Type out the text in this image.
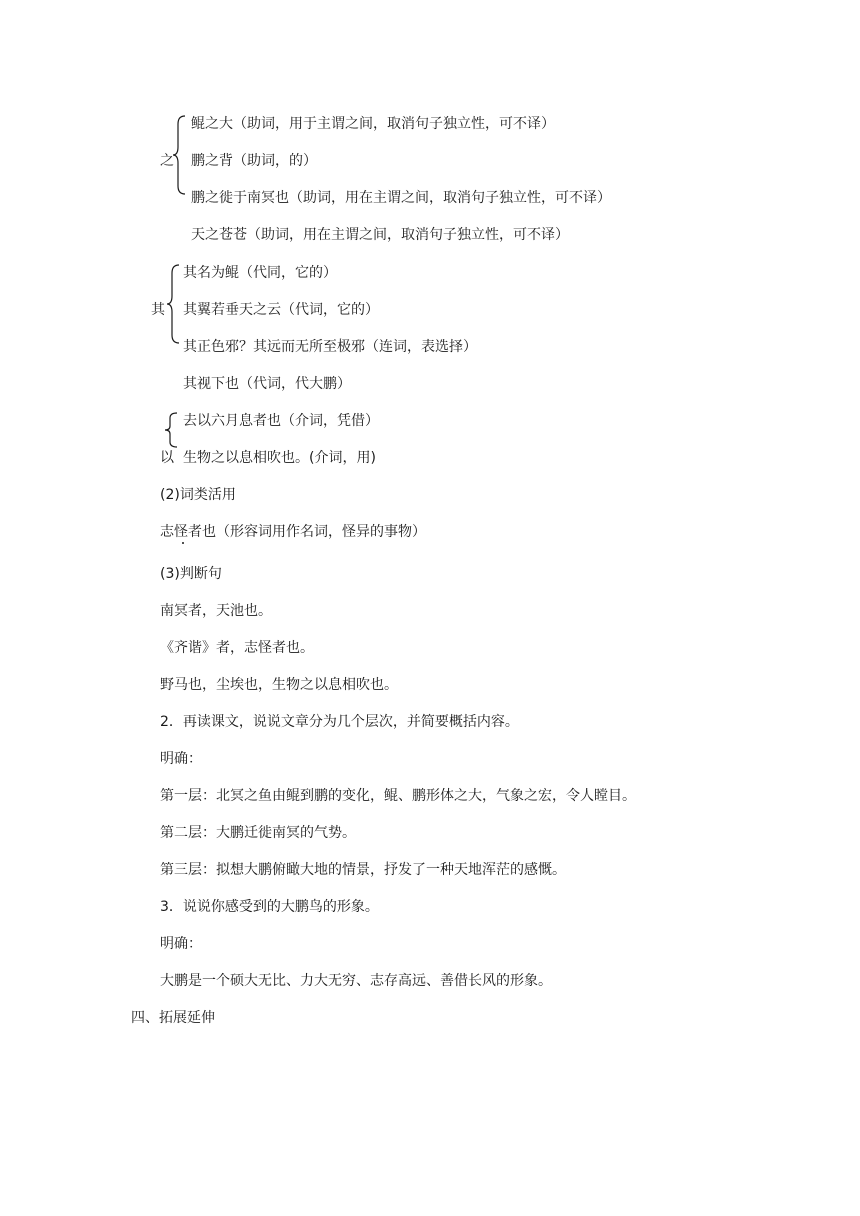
之
鲲之大（助词，用于主谓之间，取消句子独立性，可不译）
鹏之背（助词，的）
鹏之徙于南冥也（助词，用在主谓之间，取消句子独立性，可不译）
天之苍苍（助词，用在主谓之间，取消句子独立性，可不译）
其
其名为鲲（代同，它的）
其翼若垂天之云（代词，它的）
其正色邪？其远而无所至极邪（连词，表选择）
其视下也（代词，代大鹏）
去以六月息者也（介词，凭借）
以 生物之以息相吹也。(介词，用)
(2)词类活用
志怪者也（形容词用作名词，怪异的事物）
(3)判断句
南冥者，天池也。
《齐谐》者，志怪者也。
野马也，尘埃也，生物之以息相吹也。
2．再读课文，说说文章分为几个层次，并简要概括内容。
明确：
第一层：北冥之鱼由鲲到鹏的变化，鲲、鹏形体之大，气象之宏，令人瞠目。
第二层：大鹏迁徙南冥的气势。
第三层：拟想大鹏俯瞰大地的情景，抒发了一种天地浑茫的感慨。
3．说说你感受到的大鹏鸟的形象。
明确：
大鹏是一个硕大无比、力大无穷、志存高远、善借长风的形象。
四、拓展延伸
